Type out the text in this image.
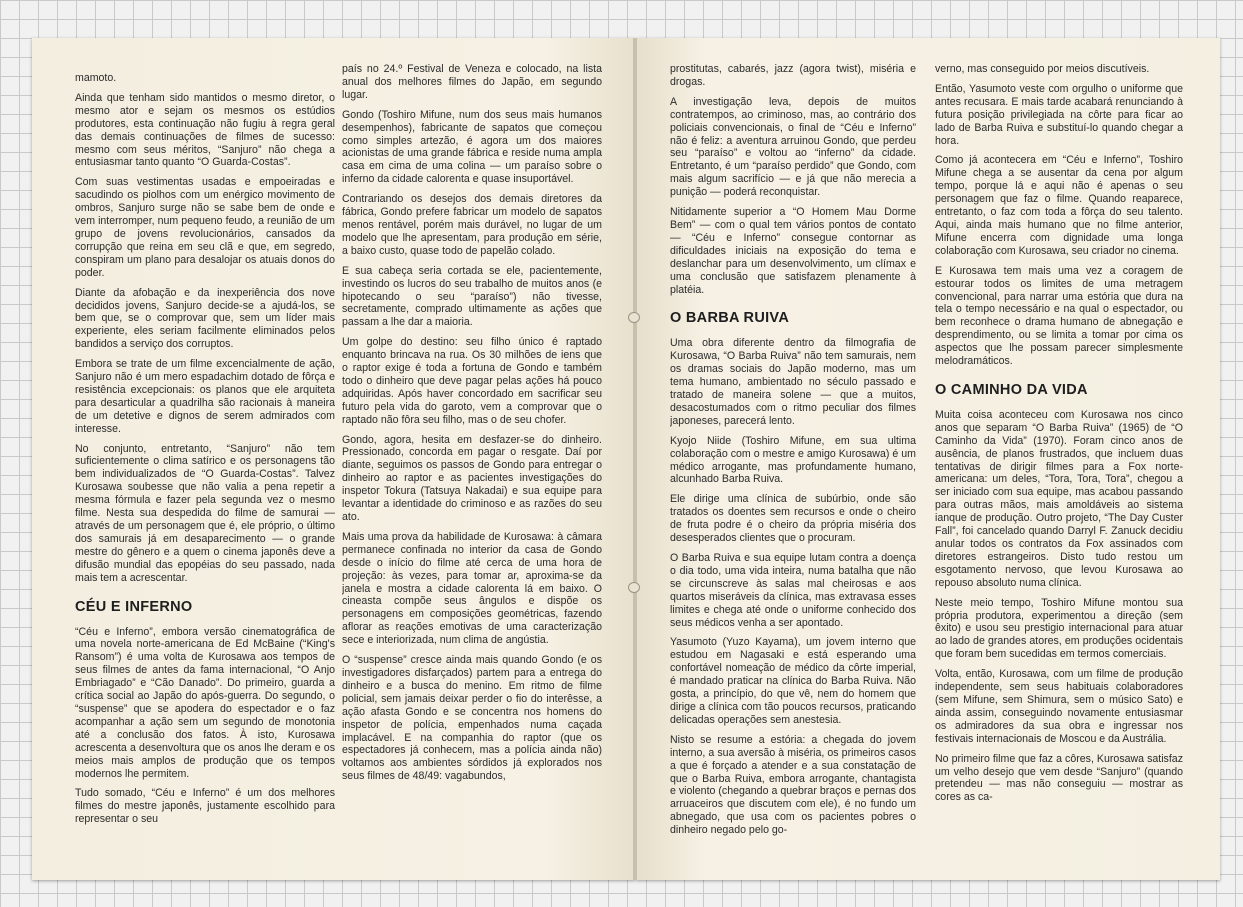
mamoto.

Ainda que tenham sido mantidos o mesmo diretor, o mesmo ator e sejam os mesmos os estúdios produtores, esta continuação não fugiu à regra geral das demais continuações de filmes de sucesso: mesmo com seus méritos, “Sanjuro” não chega a entusiasmar tanto quanto “O Guarda-Costas”.

Com suas vestimentas usadas e empoeiradas e sacudindo os piolhos com um enérgico movimento de ombros, Sanjuro surge não se sabe bem de onde e vem interromper, num pequeno feudo, a reunião de um grupo de jovens revolucionários, cansados da corrupção que reina em seu clã e que, em segredo, conspiram um plano para desalojar os atuais donos do poder.

Diante da afobação e da inexperiência dos nove decididos jovens, Sanjuro decide-se a ajudá-los, se bem que, se o comprovar que, sem um líder mais experiente, eles seriam facilmente eliminados pelos bandidos a serviço dos corruptos.

Embora se trate de um filme excencialmente de ação, Sanjuro não é um mero espadachim dotado de fôrça e resistência excepcionais: os planos que ele arquiteta para desarticular a quadrilha são racionais à maneira de um detetive e dignos de serem admirados com interesse.

No conjunto, entretanto, “Sanjuro” não tem suficientemente o clima satírico e os personagens tão bem individualizados de “O Guarda-Costas”. Talvez Kurosawa soubesse que não valia a pena repetir a mesma fórmula e fazer pela segunda vez o mesmo filme. Nesta sua despedida do filme de samurai — através de um personagem que é, ele próprio, o último dos samurais já em desaparecimento — o grande mestre do gênero e a quem o cinema japonês deve a difusão mundial das epopéias do seu passado, nada mais tem a acrescentar.

CÉU E INFERNO

“Céu e Inferno”, embora versão cinematográfica de uma novela norte-americana de Ed McBaine (“King's Ransom”) é uma volta de Kurosawa aos tempos de seus filmes de antes da fama internacional, “O Anjo Embriagado” e “Cão Danado”. Do primeiro, guarda a crítica social ao Japão do após-guerra. Do segundo, o “suspense” que se apodera do espectador e o faz acompanhar a ação sem um segundo de monotonia até a conclusão dos fatos. À isto, Kurosawa acrescenta a desenvoltura que os anos lhe deram e os meios mais amplos de produção que os tempos modernos lhe permitem.

Tudo somado, “Céu e Inferno” é um dos melhores filmes do mestre japonês, justamente escolhido para representar o seu

país no 24.º Festival de Veneza e colocado, na lista anual dos melhores filmes do Japão, em segundo lugar.

Gondo (Toshiro Mifune, num dos seus mais humanos desempenhos), fabricante de sapatos que começou como simples artezão, é agora um dos maiores acionistas de uma grande fábrica e reside numa ampla casa em cima de uma colina — um paraíso sobre o inferno da cidade calorenta e quase insuportável.

Contrariando os desejos dos demais diretores da fábrica, Gondo prefere fabricar um modelo de sapatos menos rentável, porém mais durável, no lugar de um modelo que lhe apresentam, para produção em série, a baixo custo, quase todo de papelão colado.

E sua cabeça seria cortada se ele, pacientemente, investindo os lucros do seu trabalho de muitos anos (e hipotecando o seu “paraíso”) não tivesse, secretamente, comprado ultimamente as ações que passam a lhe dar a maioria.

Um golpe do destino: seu filho único é raptado enquanto brincava na rua. Os 30 milhões de iens que o raptor exige é toda a fortuna de Gondo e também todo o dinheiro que deve pagar pelas ações há pouco adquiridas. Após haver concordado em sacrificar seu futuro pela vida do garoto, vem a comprovar que o raptado não fôra seu filho, mas o de seu chofer.

Gondo, agora, hesita em desfazer-se do dinheiro. Pressionado, concorda em pagar o resgate. Daí por diante, seguimos os passos de Gondo para entregar o dinheiro ao raptor e as pacientes investigações do inspetor Tokura (Tatsuya Nakadai) e sua equipe para levantar a identidade do criminoso e as razões do seu ato.

Mais uma prova da habilidade de Kurosawa: à câmara permanece confinada no interior da casa de Gondo desde o início do filme até cerca de uma hora de projeção: às vezes, para tomar ar, aproxima-se da janela e mostra a cidade calorenta lá em baixo. O cineasta compõe seus ângulos e dispõe os personagens em composições geométricas, fazendo aflorar as reações emotivas de uma caracterização sece e interiorizada, num clima de angústia.

O “suspense” cresce ainda mais quando Gondo (e os investigadores disfarçados) partem para a entrega do dinheiro e a busca do menino. Em ritmo de filme policial, sem jamais deixar perder o fio do interêsse, a ação afasta Gondo e se concentra nos homens do inspetor de polícia, empenhados numa caçada implacável. E na companhia do raptor (que os espectadores já conhecem, mas a polícia ainda não) voltamos aos ambientes sórdidos já explorados nos seus filmes de 48/49: vagabundos,

prostitutas, cabarés, jazz (agora twist), miséria e drogas.

A investigação leva, depois de muitos contratempos, ao criminoso, mas, ao contrário dos policiais convencionais, o final de “Céu e Inferno” não é feliz: a aventura arruinou Gondo, que perdeu seu “paraíso” e voltou ao “inferno” da cidade. Entretanto, é um “paraíso perdido” que Gondo, com mais algum sacrifício — e já que não merecia a punição — poderá reconquistar.

Nitidamente superior a “O Homem Mau Dorme Bem” — com o qual tem vários pontos de contato — “Céu e Inferno” consegue contornar as dificuldades iniciais na exposição do tema e deslanchar para um desenvolvimento, um clímax e uma conclusão que satisfazem plenamente à platéia.

O BARBA RUIVA

Uma obra diferente dentro da filmografia de Kurosawa, “O Barba Ruiva” não tem samurais, nem os dramas sociais do Japão moderno, mas um tema humano, ambientado no século passado e tratado de maneira solene — que a muitos, desacostumados com o ritmo peculiar dos filmes japoneses, parecerá lento.

Kyojo Niide (Toshiro Mifune, em sua ultima colaboração com o mestre e amigo Kurosawa) é um médico arrogante, mas profundamente humano, alcunhado Barba Ruiva.

Ele dirige uma clínica de subúrbio, onde são tratados os doentes sem recursos e onde o cheiro de fruta podre é o cheiro da própria miséria dos desesperados clientes que o procuram.

O Barba Ruiva e sua equipe lutam contra a doença o dia todo, uma vida inteira, numa batalha que não se circunscreve às salas mal cheirosas e aos quartos miseráveis da clínica, mas extravasa esses limites e chega até onde o uniforme conhecido dos seus médicos venha a ser apontado.

Yasumoto (Yuzo Kayama), um jovem interno que estudou em Nagasaki e está esperando uma confortável nomeação de médico da côrte imperial, é mandado praticar na clínica do Barba Ruiva. Não gosta, a princípio, do que vê, nem do homem que dirige a clínica com tão poucos recursos, praticando delicadas operações sem anestesia.

Nisto se resume a estória: a chegada do jovem interno, a sua aversão à miséria, os primeiros casos a que é forçado a atender e a sua constatação de que o Barba Ruiva, embora arrogante, chantagista e violento (chegando a quebrar braços e pernas dos arruaceiros que discutem com ele), é no fundo um abnegado, que usa com os pacientes pobres o dinheiro negado pelo go-

verno, mas conseguido por meios discutíveis.

Então, Yasumoto veste com orgulho o uniforme que antes recusara. E mais tarde acabará renunciando à futura posição privilegiada na côrte para ficar ao lado de Barba Ruiva e substituí-lo quando chegar a hora.

Como já acontecera em “Céu e Inferno”, Toshiro Mifune chega a se ausentar da cena por algum tempo, porque lá e aqui não é apenas o seu personagem que faz o filme. Quando reaparece, entretanto, o faz com toda a fôrça do seu talento. Aqui, ainda mais humano que no filme anterior, Mifune encerra com dignidade uma longa colaboração com Kurosawa, seu criador no cinema.

E Kurosawa tem mais uma vez a coragem de estourar todos os limites de uma metragem convencional, para narrar uma estória que dura na tela o tempo necessário e na qual o espectador, ou bem reconhece o drama humano de abnegação e desprendimento, ou se limita a tomar por cima os aspectos que lhe possam parecer simplesmente melodramáticos.

O CAMINHO DA VIDA

Muita coisa aconteceu com Kurosawa nos cinco anos que separam “O Barba Ruiva” (1965) de “O Caminho da Vida” (1970). Foram cinco anos de ausência, de planos frustrados, que incluem duas tentativas de dirigir filmes para a Fox norte-americana: um deles, “Tora, Tora, Tora”, chegou a ser iniciado com sua equipe, mas acabou passando para outras mãos, mais amoldáveis ao sistema ianque de produção. Outro projeto, “The Day Custer Fall”, foi cancelado quando Darryl F. Zanuck decidiu anular todos os contratos da Fox assinados com diretores estrangeiros. Disto tudo restou um esgotamento nervoso, que levou Kurosawa ao repouso absoluto numa clínica.

Neste meio tempo, Toshiro Mifune montou sua própria produtora, experimentou a direção (sem êxito) e usou seu prestigio internacional para atuar ao lado de grandes atores, em produções ocidentais que foram bem sucedidas em termos comerciais.

Volta, então, Kurosawa, com um filme de produção independente, sem seus habituais colaboradores (sem Mifune, sem Shimura, sem o músico Sato) e ainda assim, conseguindo novamente entusiasmar os admiradores da sua obra e ingressar nos festivais internacionais de Moscou e da Austrália.

No primeiro filme que faz a côres, Kurosawa satisfaz um velho desejo que vem desde “Sanjuro” (quando pretendeu — mas não conseguiu — mostrar as cores as ca-
